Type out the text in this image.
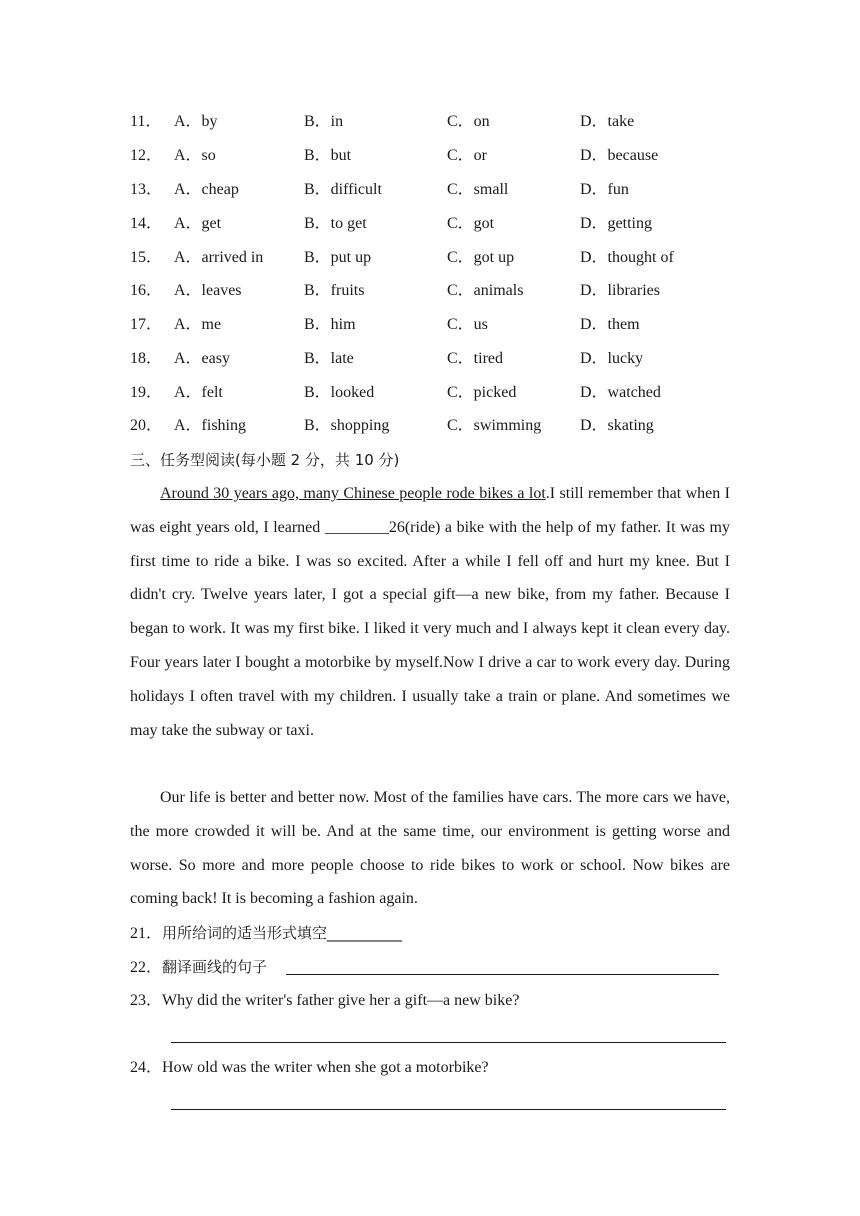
11． A．by	B．in	C．on	D．take
12． A．so	B．but	C．or	D．because
13． A．cheap	B．difficult	C．small	D．fun
14． A．get	B．to get	C．got	D．getting
15． A．arrived in	B．put up	C．got up	D．thought of
16． A．leaves	B．fruits	C．animals	D．libraries
17． A．me	B．him	C．us	D．them
18． A．easy	B．late	C．tired	D．lucky
19． A．felt	B．looked	C．picked	D．watched
20． A．fishing	B．shopping	C．swimming D．skating
三、任务型阅读(每小题 2 分，共 10 分)

Around 30 years ago, many Chinese people rode bikes a lot.I still remember that when I was eight years old, I learned ________26(ride) a bike with the help of my father. It was my first time to ride a bike. I was so excited. After a while I fell off and hurt my knee. But I didn't cry. Twelve years later, I got a special gift—a new bike, from my father. Because I began to work. It was my first bike. I liked it very much and I always kept it clean every day. Four years later I bought a motorbike by myself.Now I drive a car to work every day. During holidays I often travel with my children. I usually take a train or plane. And sometimes we may take the subway or taxi.

Our life is better and better now. Most of the families have cars. The more cars we have, the more crowded it will be. And at the same time, our environment is getting worse and worse. So more and more people choose to ride bikes to work or school. Now bikes are coming back! It is becoming a fashion again.

21．用所给词的适当形式填空__________
22．翻译画线的句子
23．Why did the writer's father give her a gift—a new bike?
24．How old was the writer when she got a motorbike?
